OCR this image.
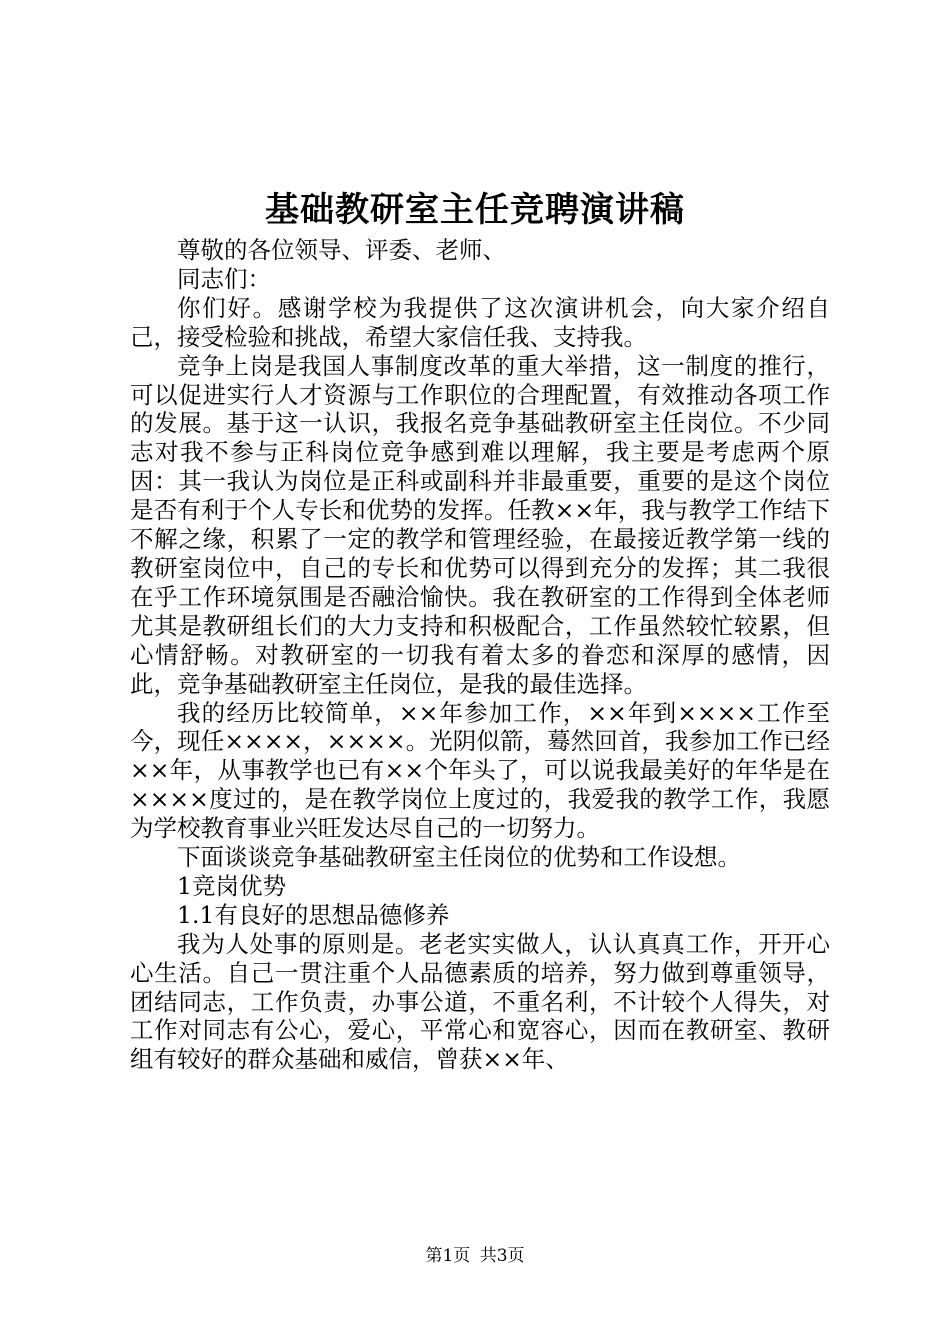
基础教研室主任竞聘演讲稿

尊敬的各位领导、评委、老师、

同志们：

你们好。感谢学校为我提供了这次演讲机会，向大家介绍自己，接受检验和挑战，希望大家信任我、支持我。

竞争上岗是我国人事制度改革的重大举措，这一制度的推行，可以促进实行人才资源与工作职位的合理配置，有效推动各项工作的发展。基于这一认识，我报名竞争基础教研室主任岗位。不少同志对我不参与正科岗位竞争感到难以理解，我主要是考虑两个原因：其一我认为岗位是正科或副科并非最重要，重要的是这个岗位是否有利于个人专长和优势的发挥。任教××年，我与教学工作结下不解之缘，积累了一定的教学和管理经验，在最接近教学第一线的教研室岗位中，自己的专长和优势可以得到充分的发挥；其二我很在乎工作环境氛围是否融洽愉快。我在教研室的工作得到全体老师尤其是教研组长们的大力支持和积极配合，工作虽然较忙较累，但心情舒畅。对教研室的一切我有着太多的眷恋和深厚的感情，因此，竞争基础教研室主任岗位，是我的最佳选择。

我的经历比较简单，××年参加工作，××年到××××工作至今，现任××××，××××。光阴似箭，蓦然回首，我参加工作已经××年，从事教学也已有××个年头了，可以说我最美好的年华是在××××度过的，是在教学岗位上度过的，我爱我的教学工作，我愿为学校教育事业兴旺发达尽自己的一切努力。

下面谈谈竞争基础教研室主任岗位的优势和工作设想。

1竞岗优势

1.1有良好的思想品德修养

我为人处事的原则是。老老实实做人，认认真真工作，开开心心生活。自己一贯注重个人品德素质的培养，努力做到尊重领导，团结同志，工作负责，办事公道，不重名利，不计较个人得失，对工作对同志有公心，爱心，平常心和宽容心，因而在教研室、教研组有较好的群众基础和威信，曾获××年、

第1页 共3页
